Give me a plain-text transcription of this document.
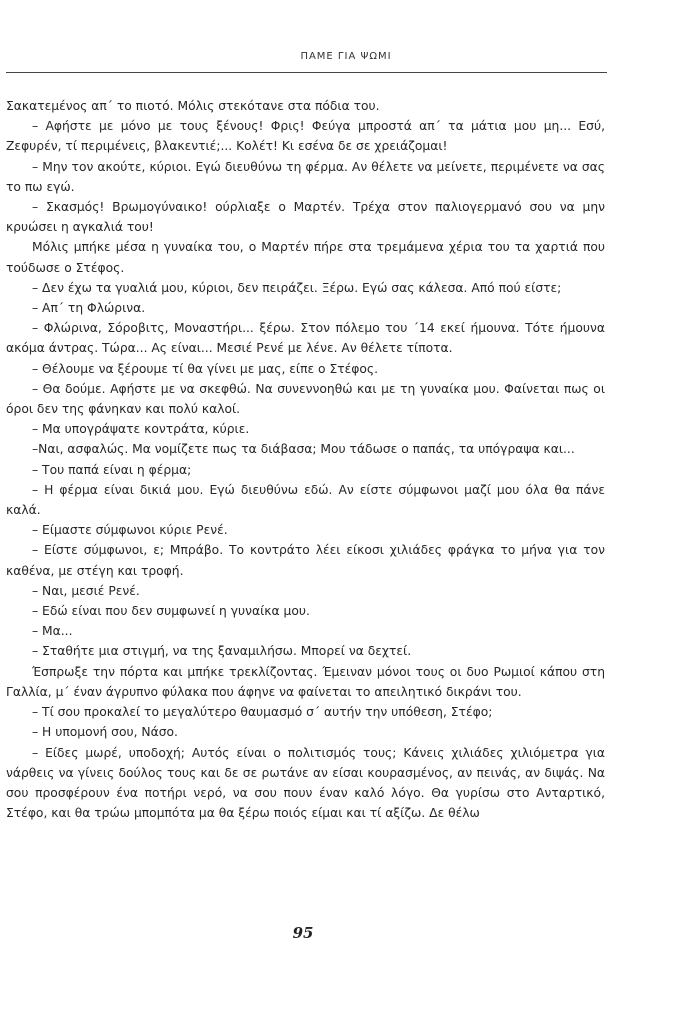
ΠΑΜΕ ΓΙΑ ΨΩΜΙ

Σακατεμένος απ΄ το πιοτό. Μόλις στεκότανε στα πόδια του.

– Αφήστε με μόνο με τους ξένους! Φρις! Φεύγα μπροστά απ΄ τα μάτια μου μη... Εσύ, Ζεφυρέν, τί περιμένεις, βλακεντιέ;... Κολέτ! Κι εσένα δε σε χρειάζομαι!

– Μην τον ακούτε, κύριοι. Εγώ διευθύνω τη φέρμα. Αν θέλετε να μείνετε, περιμένετε να σας το πω εγώ.

– Σκασμός! Βρωμογύναικο! ούρλιαξε ο Μαρτέν. Τρέχα στον παλιογερμανό σου να μην κρυώσει η αγκαλιά του!

Μόλις μπήκε μέσα η γυναίκα του, ο Μαρτέν πήρε στα τρεμάμενα χέρια του τα χαρτιά που τούδωσε ο Στέφος.

– Δεν έχω τα γυαλιά μου, κύριοι, δεν πειράζει. Ξέρω. Εγώ σας κάλεσα. Από πού είστε;

– Απ΄ τη Φλώρινα.

– Φλώρινα, Σόροβιτς, Μοναστήρι... ξέρω. Στον πόλεμο του ΄14 εκεί ήμουνα. Τότε ήμουνα ακόμα άντρας. Τώρα... Ας είναι... Μεσιέ Ρενέ με λένε. Αν θέλετε τίποτα.

– Θέλουμε να ξέρουμε τί θα γίνει με μας, είπε ο Στέφος.

– Θα δούμε. Αφήστε με να σκεφθώ. Να συνεννοηθώ και με τη γυναίκα μου. Φαίνεται πως οι όροι δεν της φάνηκαν και πολύ καλοί.

– Μα υπογράψατε κοντράτα, κύριε.

–Ναι, ασφαλώς. Μα νομίζετε πως τα διάβασα; Μου τάδωσε ο παπάς, τα υπόγραψα και...

– Του παπά είναι η φέρμα;

– Η φέρμα είναι δικιά μου. Εγώ διευθύνω εδώ. Αν είστε σύμφωνοι μαζί μου όλα θα πάνε καλά.

– Είμαστε σύμφωνοι κύριε Ρενέ.

– Είστε σύμφωνοι, ε; Μπράβο. Το κοντράτο λέει είκοσι χιλιάδες φράγκα το μήνα για τον καθένα, με στέγη και τροφή.

– Ναι, μεσιέ Ρενέ.

– Εδώ είναι που δεν συμφωνεί η γυναίκα μου.

– Μα...

– Σταθήτε μια στιγμή, να της ξαναμιλήσω. Μπορεί να δεχτεί.

Έσπρωξε την πόρτα και μπήκε τρεκλίζοντας. Έμειναν μόνοι τους οι δυο Ρωμιοί κάπου στη Γαλλία, μ΄ έναν άγρυπνο φύλακα που άφηνε να φαίνεται το απειλητικό δικράνι του.

– Τί σου προκαλεί το μεγαλύτερο θαυμασμό σ΄ αυτήν την υπόθεση, Στέφο;

– Η υπομονή σου, Νάσο.

– Είδες μωρέ, υποδοχή; Αυτός είναι ο πολιτισμός τους; Κάνεις χιλιάδες χιλιόμετρα για νάρθεις να γίνεις δούλος τους και δε σε ρωτάνε αν είσαι κουρασμένος, αν πεινάς, αν διψάς. Να σου προσφέρουν ένα ποτήρι νερό, να σου πουν έναν καλό λόγο. Θα γυρίσω στο Ανταρτικό, Στέφο, και θα τρώω μπομπότα μα θα ξέρω ποιός είμαι και τί αξίζω. Δε θέλω

95
